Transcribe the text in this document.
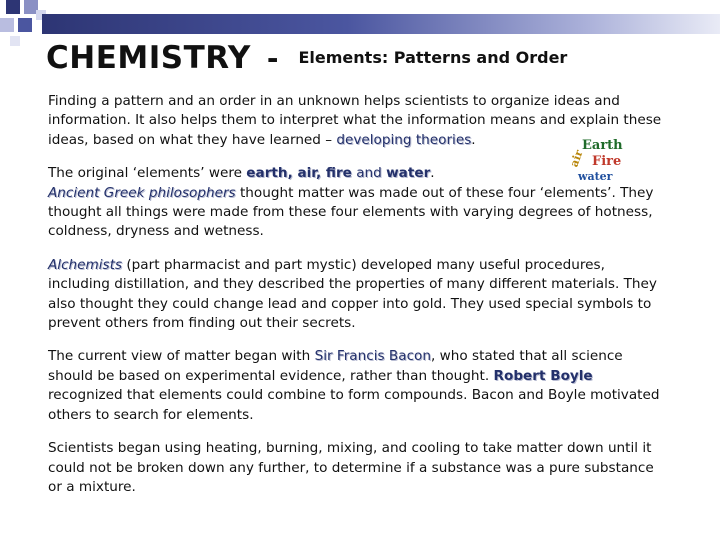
CHEMISTRY - Elements: Patterns and Order

Finding a pattern and an order in an unknown helps scientists to organize ideas and information. It also helps them to interpret what the information means and explain these ideas, based on what they have learned – developing theories.

The original ‘elements’ were earth, air, fire and water.
Ancient Greek philosophers thought matter was made out of these four ‘elements’. They thought all things were made from these four elements with varying degrees of hotness, coldness, dryness and wetness.

Alchemists (part pharmacist and part mystic) developed many useful procedures, including distillation, and they described the properties of many different materials. They also thought they could change lead and copper into gold. They used special symbols to prevent others from finding out their secrets.

The current view of matter began with Sir Francis Bacon, who stated that all science should be based on experimental evidence, rather than thought. Robert Boyle recognized that elements could combine to form compounds. Bacon and Boyle motivated others to search for elements.

Scientists began using heating, burning, mixing, and cooling to take matter down until it could not be broken down any further, to determine if a substance was a pure substance or a mixture.

Earth
air Fire
water
